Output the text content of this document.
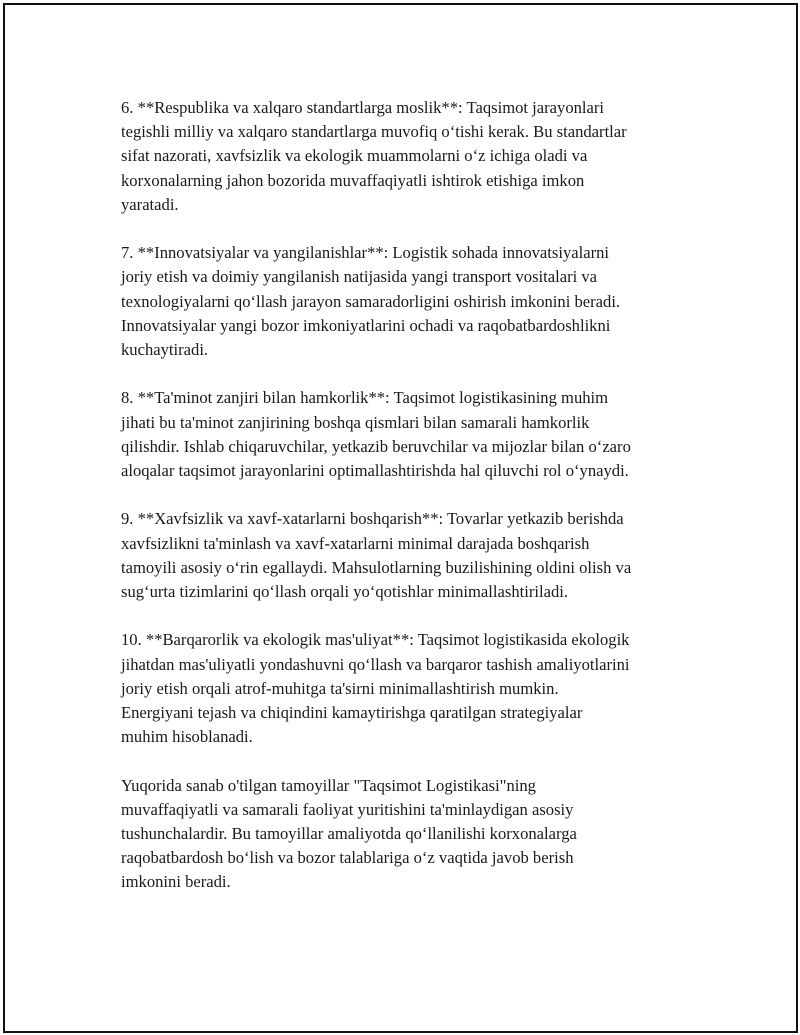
6. **Respublika va xalqaro standartlarga moslik**: Taqsimot jarayonlari
tegishli milliy va xalqaro standartlarga muvofiq o‘tishi kerak. Bu standartlar
sifat nazorati, xavfsizlik va ekologik muammolarni o‘z ichiga oladi va
korxonalarning jahon bozorida muvaffaqiyatli ishtirok etishiga imkon
yaratadi.
7. **Innovatsiyalar va yangilanishlar**: Logistik sohada innovatsiyalarni
joriy etish va doimiy yangilanish natijasida yangi transport vositalari va
texnologiyalarni qo‘llash jarayon samaradorligini oshirish imkonini beradi.
Innovatsiyalar yangi bozor imkoniyatlarini ochadi va raqobatbardoshlikni
kuchaytiradi.
8. **Ta'minot zanjiri bilan hamkorlik**: Taqsimot logistikasining muhim
jihati bu ta'minot zanjirining boshqa qismlari bilan samarali hamkorlik
qilishdir. Ishlab chiqaruvchilar, yetkazib beruvchilar va mijozlar bilan o‘zaro
aloqalar taqsimot jarayonlarini optimallashtirishda hal qiluvchi rol o‘ynaydi.
9. **Xavfsizlik va xavf-xatarlarni boshqarish**: Tovarlar yetkazib berishda
xavfsizlikni ta'minlash va xavf-xatarlarni minimal darajada boshqarish
tamoyili asosiy o‘rin egallaydi. Mahsulotlarning buzilishining oldini olish va
sug‘urta tizimlarini qo‘llash orqali yo‘qotishlar minimallashtiriladi.
10. **Barqarorlik va ekologik mas'uliyat**: Taqsimot logistikasida ekologik
jihatdan mas'uliyatli yondashuvni qo‘llash va barqaror tashish amaliyotlarini
joriy etish orqali atrof-muhitga ta'sirni minimallashtirish mumkin.
Energiyani tejash va chiqindini kamaytirishga qaratilgan strategiyalar
muhim hisoblanadi.
Yuqorida sanab o'tilgan tamoyillar "Taqsimot Logistikasi"ning
muvaffaqiyatli va samarali faoliyat yuritishini ta'minlaydigan asosiy
tushunchalardir. Bu tamoyillar amaliyotda qo‘llanilishi korxonalarga
raqobatbardosh bo‘lish va bozor talablariga o‘z vaqtida javob berish
imkonini beradi.
